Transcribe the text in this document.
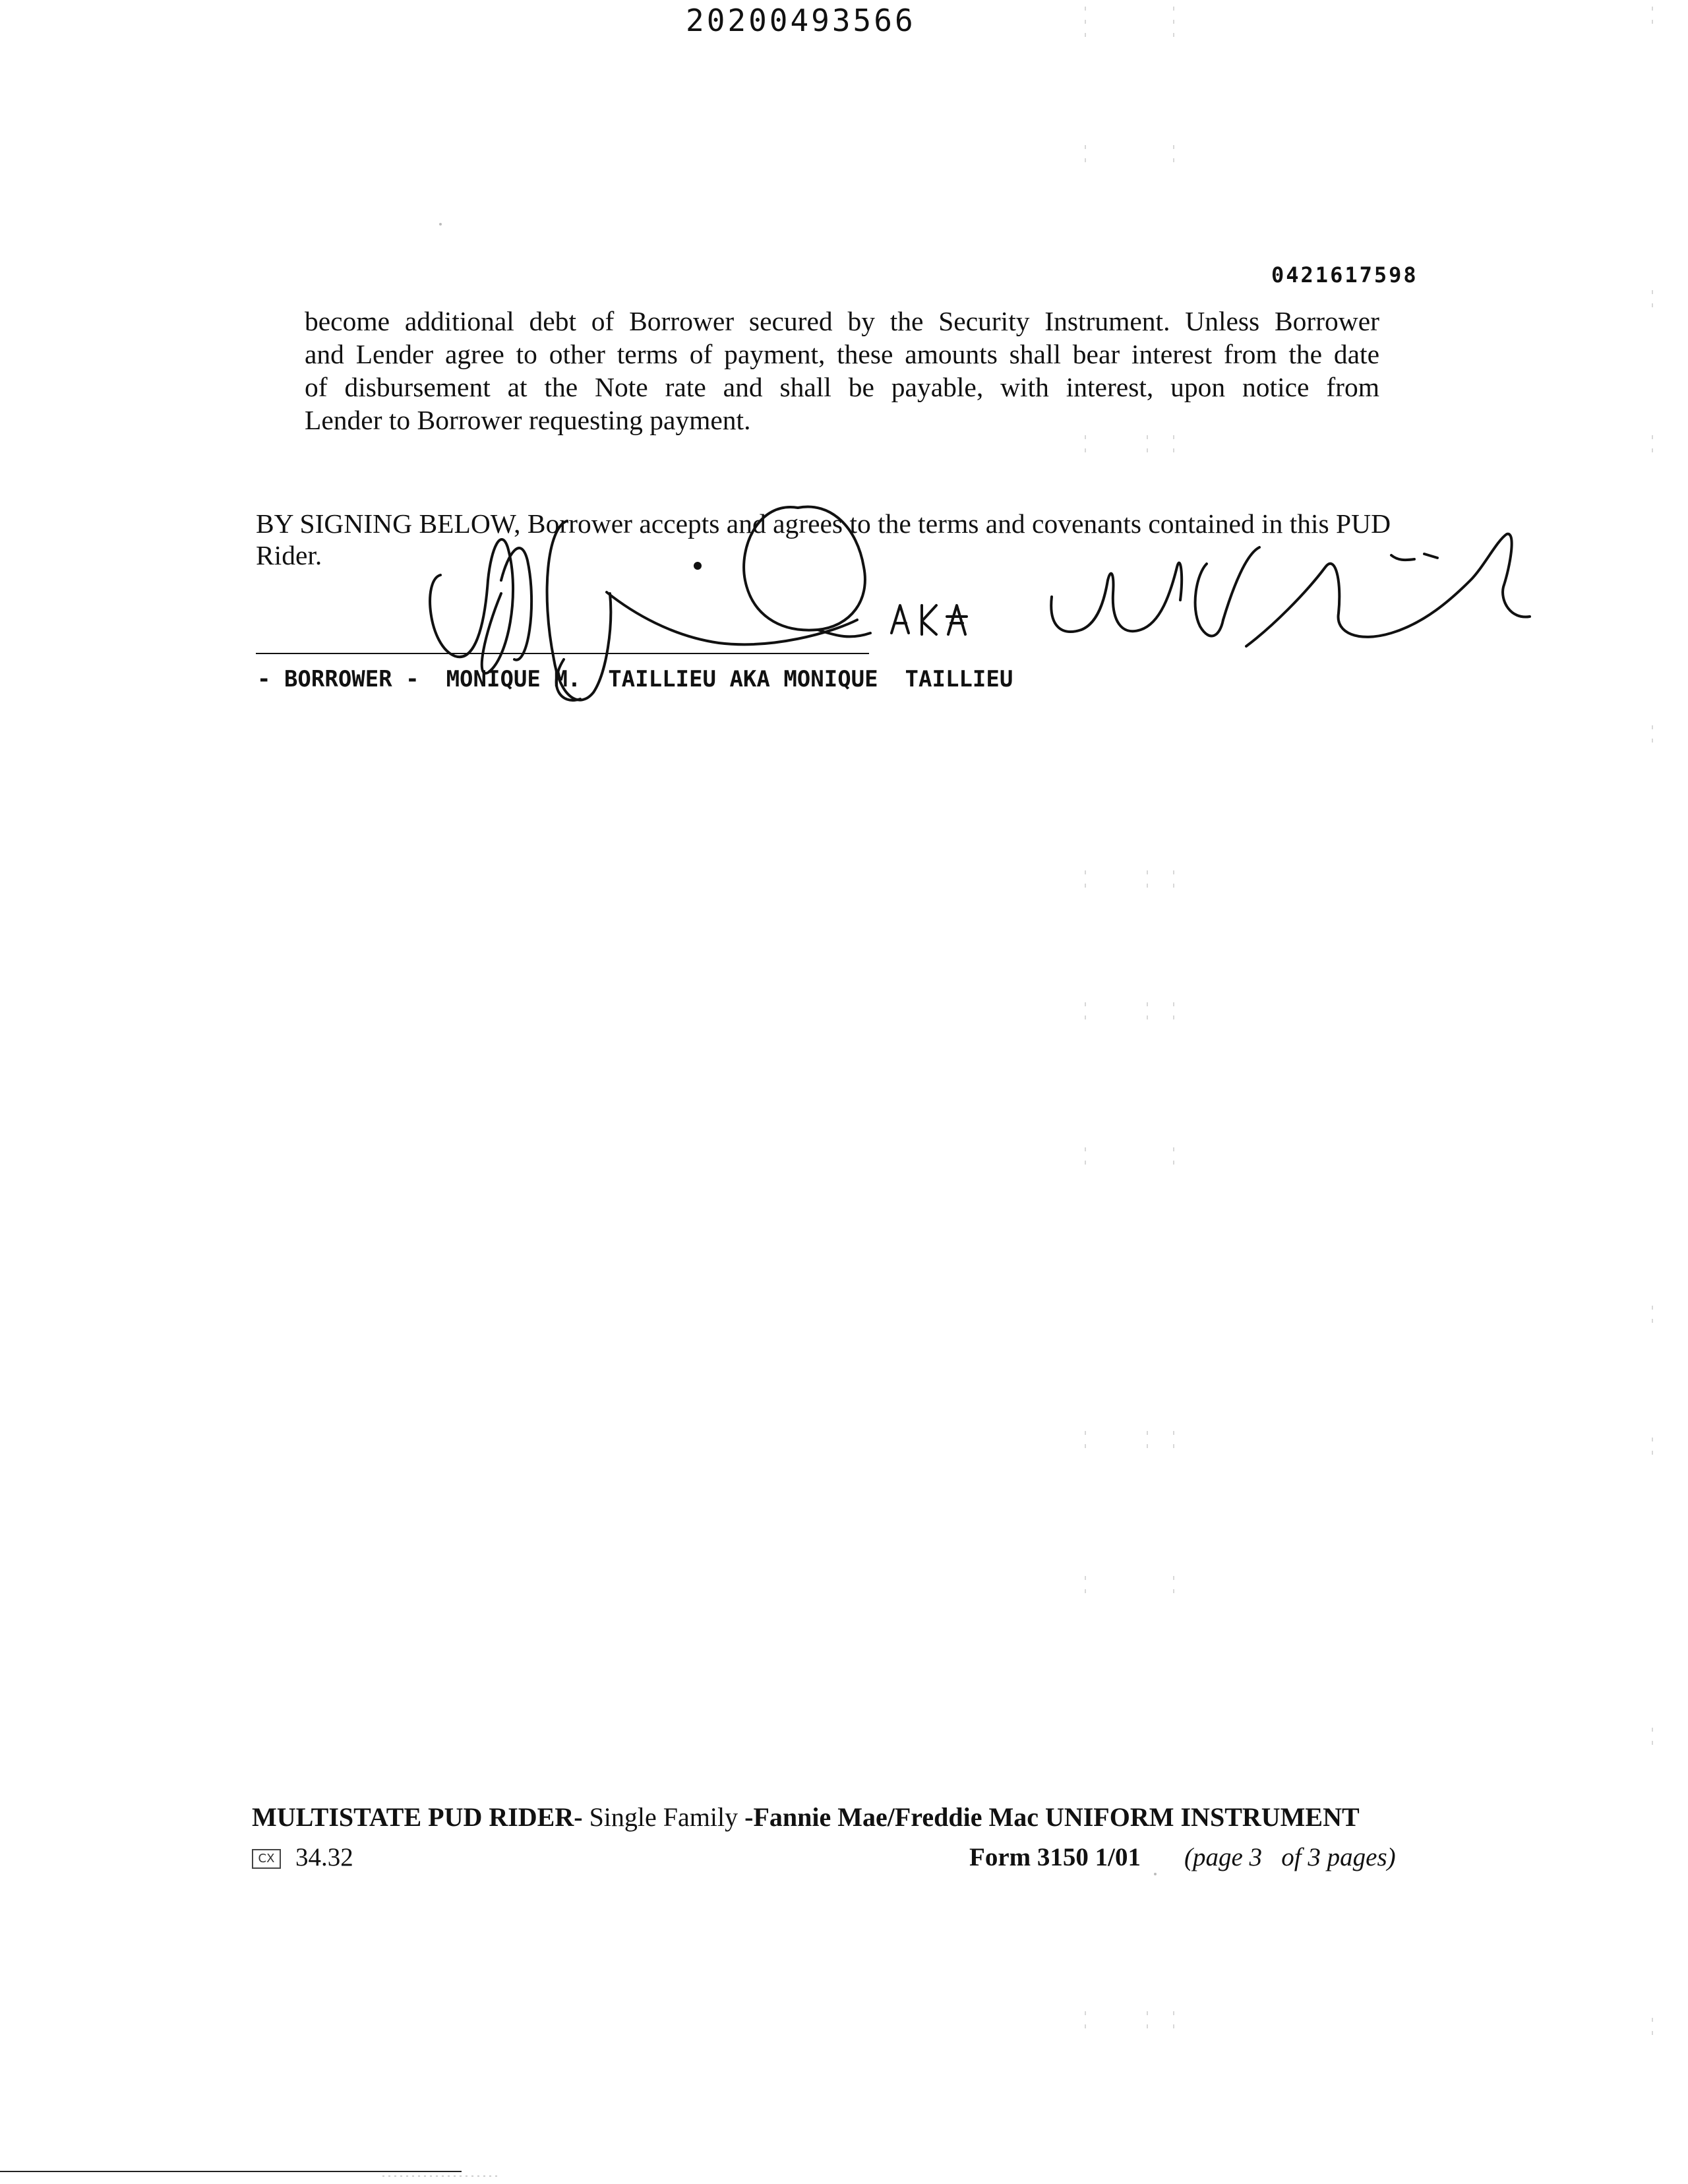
20200493566
0421617598
become additional debt of Borrower secured by the Security Instrument. Unless Borrower
and Lender agree to other terms of payment, these amounts shall bear interest from the date
of disbursement at the Note rate and shall be payable, with interest, upon notice from
Lender to Borrower requesting payment.
BY SIGNING BELOW, Borrower accepts and agrees to the terms and covenants contained in this PUD Rider.
- BORROWER -  MONIQUE M.  TAILLIEU AKA MONIQUE  TAILLIEU
MULTISTATE PUD RIDER- Single Family -Fannie Mae/Freddie Mac UNIFORM INSTRUMENT
CX 34.32	Form 3150 1/01 (page 3   of 3 pages)
